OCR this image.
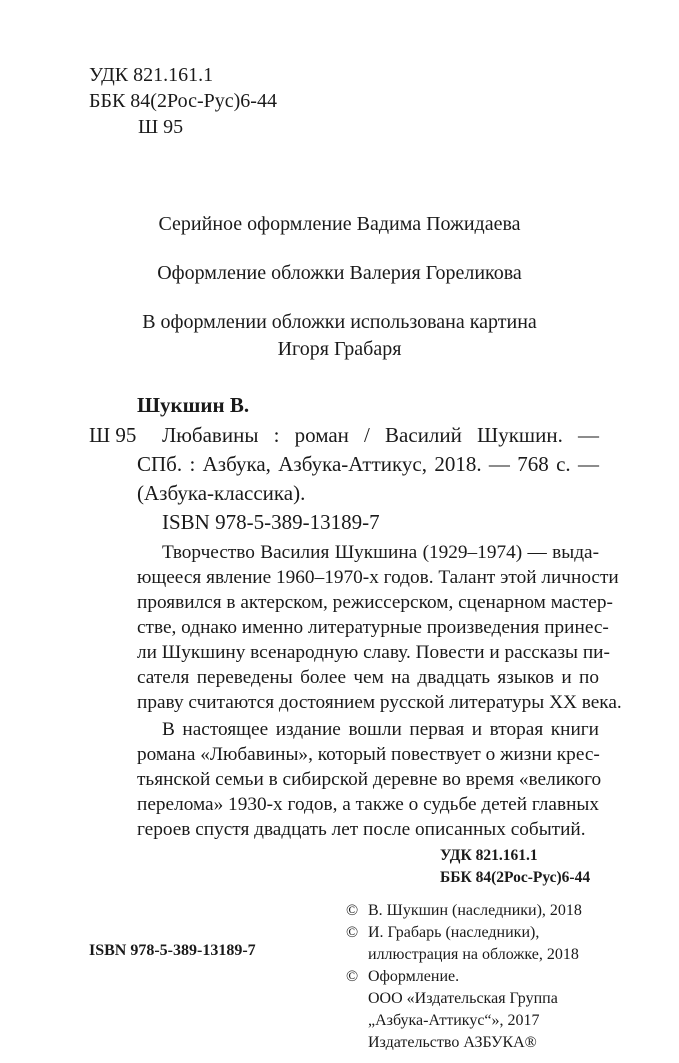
УДК 821.161.1
ББК 84(2Рос-Рус)6-44
Ш 95
Серийное оформление Вадима Пожидаева
Оформление обложки Валерия Гореликова
В оформлении обложки использована картина
Игоря Грабаря
Шукшин В.
Ш 95 Любавины : роман / Василий Шукшин. —
СПб. : Азбука, Азбука-Аттикус, 2018. — 768 с. —
(Азбука-классика).
ISBN 978-5-389-13189-7
Творчество Василия Шукшина (1929–1974) — выда-
ющееся явление 1960–1970-х годов. Талант этой личности
проявился в актерском, режиссерском, сценарном мастер-
стве, однако именно литературные произведения принес-
ли Шукшину всенародную славу. Повести и рассказы пи-
сателя переведены более чем на двадцать языков и по
праву считаются достоянием русской литературы XX века.
В настоящее издание вошли первая и вторая книги
романа «Любавины», который повествует о жизни крес-
тьянской семьи в сибирской деревне во время «великого
перелома» 1930-х годов, а также о судьбе детей главных
героев спустя двадцать лет после описанных событий.
УДК 821.161.1
ББК 84(2Рос-Рус)6-44
© В. Шукшин (наследники), 2018
© И. Грабарь (наследники),
иллюстрация на обложке, 2018
© Оформление.
ООО «Издательская Группа
„Азбука-Аттикус“», 2017
Издательство АЗБУКА®
ISBN 978-5-389-13189-7
